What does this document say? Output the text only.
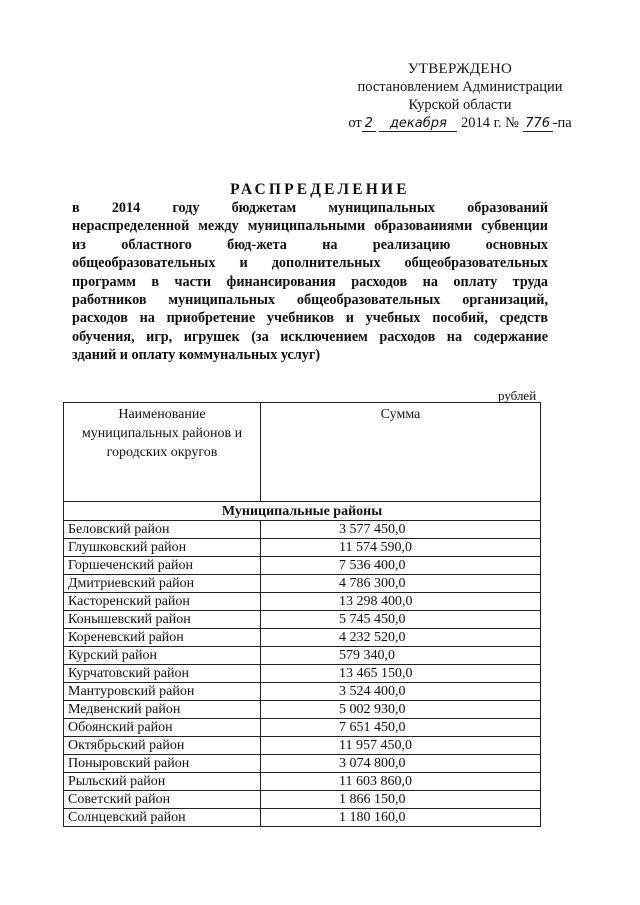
УТВЕРЖДЕНО
постановлением Администрации
Курской области
от 2 декабря 2014 г. № 776 -па
РАСПРЕДЕЛЕНИЕ
в 2014 году бюджетам муниципальных образований
нераспределенной между муниципальными образованиями субвенции
из областного бюд-жета на реализацию основных
общеобразовательных и дополнительных общеобразовательных
программ в части финансирования расходов на оплату труда
работников муниципальных общеобразовательных организаций,
расходов на приобретение учебников и учебных пособий, средств
обучения, игр, игрушек (за исключением расходов на содержание
зданий и оплату коммунальных услуг)
рублей
Наименование муниципальных районов и городских округов	Сумма
Муниципальные районы	
Беловский район	3 577 450,0
Глушковский район	11 574 590,0
Горшеченский район	7 536 400,0
Дмитриевский район	4 786 300,0
Касторенский район	13 298 400,0
Конышевский район	5 745 450,0
Кореневский район	4 232 520,0
Курский район	579 340,0
Курчатовский район	13 465 150,0
Мантуровский район	3 524 400,0
Медвенский район	5 002 930,0
Обоянский район	7 651 450,0
Октябрьский район	11 957 450,0
Поныровский район	3 074 800,0
Рыльский район	11 603 860,0
Советский район	1 866 150,0
Солнцевский район	1 180 160,0
